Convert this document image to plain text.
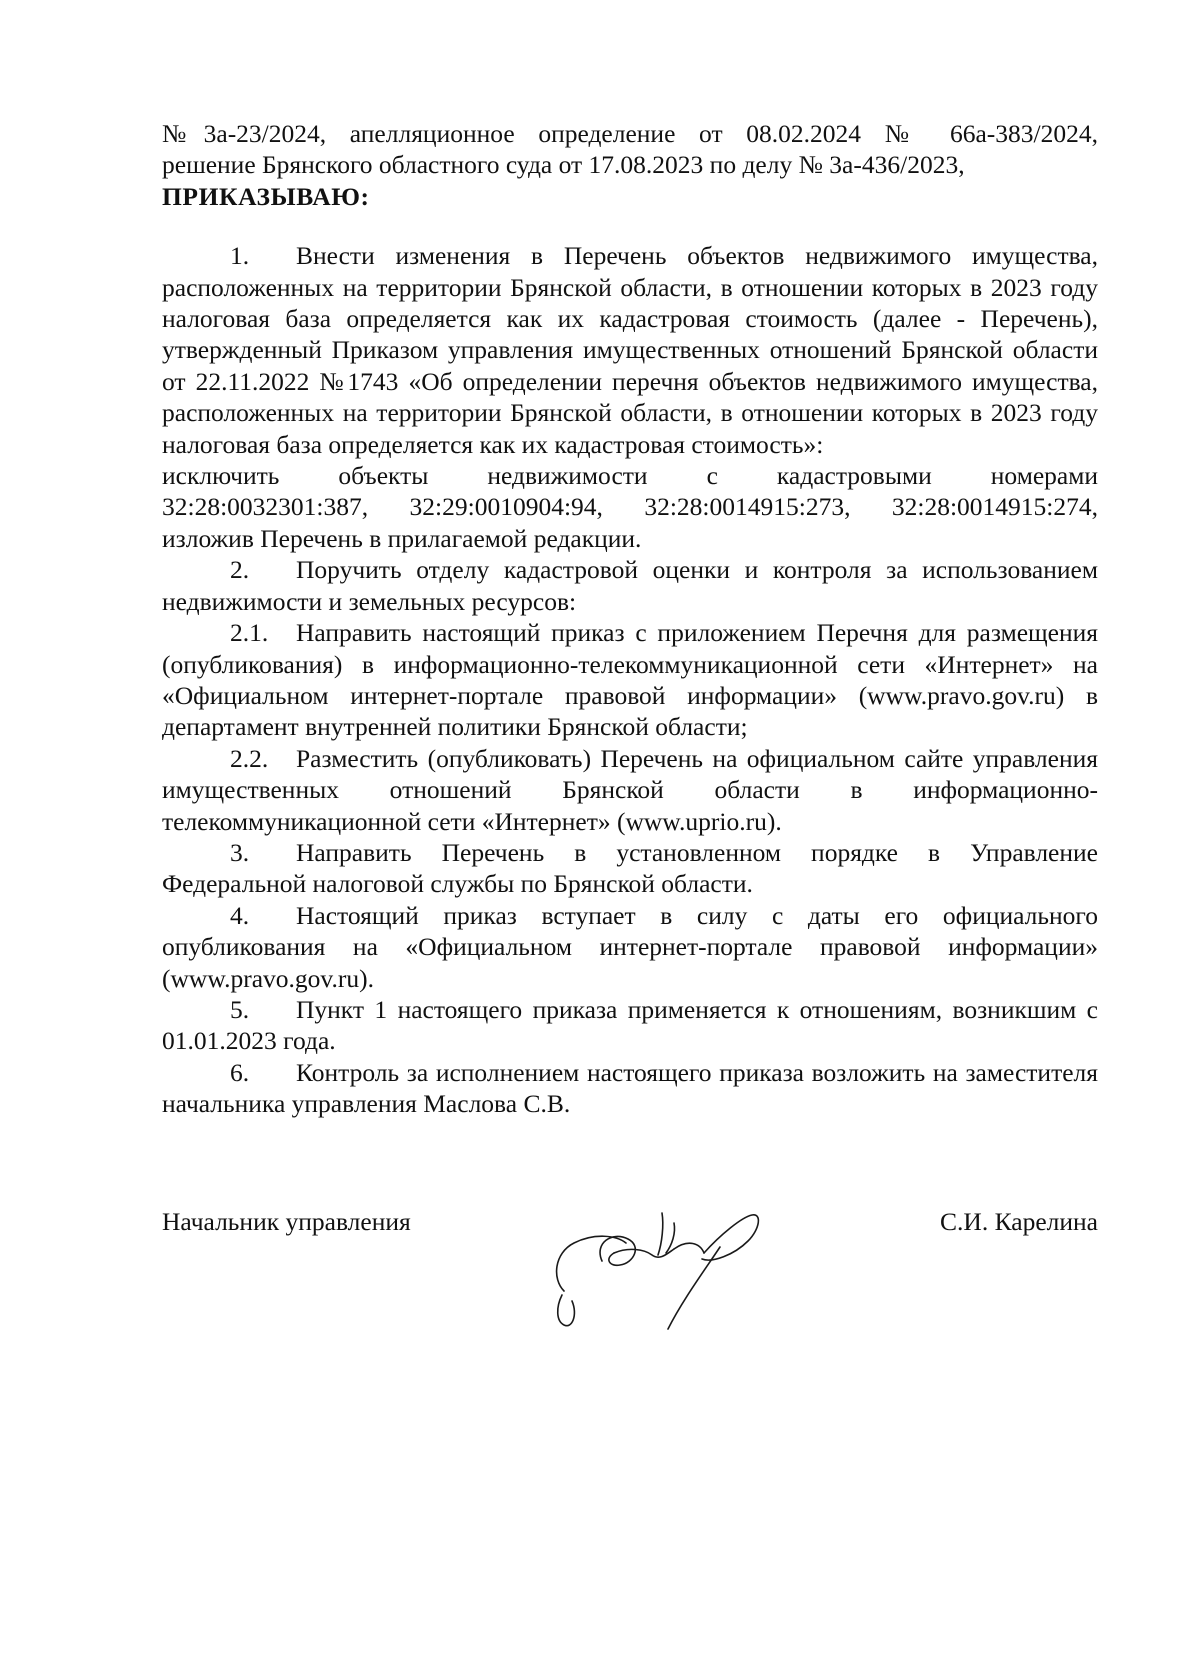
№3а-23/2024, апелляционное определение от 08.02.2024 № 66а-383/2024,

решение Брянского областного суда от 17.08.2023 по делу № 3а-436/2023,

ПРИКАЗЫВАЮ:

1. Внести изменения в Перечень объектов недвижимого имущества, расположенных на территории Брянской области, в отношении которых в 2023 году налоговая база определяется как их кадастровая стоимость (далее - Перечень), утвержденный Приказом управления имущественных отношений Брянской области от 22.11.2022 №1743 «Об определении перечня объектов недвижимого имущества, расположенных на территории Брянской области, в отношении которых в 2023 году налоговая база определяется как их кадастровая стоимость»:

исключить объекты недвижимости с кадастровыми номерами
32:28:0032301:387, 32:29:0010904:94, 32:28:0014915:273, 32:28:0014915:274,

изложив Перечень в прилагаемой редакции.

2. Поручить отделу кадастровой оценки и контроля за использованием недвижимости и земельных ресурсов:

2.1. Направить настоящий приказ с приложением Перечня для размещения (опубликования) в информационно-телекоммуникационной сети «Интернет» на «Официальном интернет-портале правовой информации» (www.pravo.gov.ru) в департамент внутренней политики Брянской области;

2.2. Разместить (опубликовать) Перечень на официальном сайте управления имущественных отношений Брянской области в информационно-телекоммуникационной сети «Интернет» (www.uprio.ru).

3. Направить Перечень в установленном порядке в Управление Федеральной налоговой службы по Брянской области.

4. Настоящий приказ вступает в силу с даты его официального опубликования на «Официальном интернет-портале правовой информации» (www.pravo.gov.ru).

5. Пункт 1 настоящего приказа применяется к отношениям, возникшим с 01.01.2023 года.

6. Контроль за исполнением настоящего приказа возложить на заместителя начальника управления Маслова С.В.

Начальник управления	С.И. Карелина
